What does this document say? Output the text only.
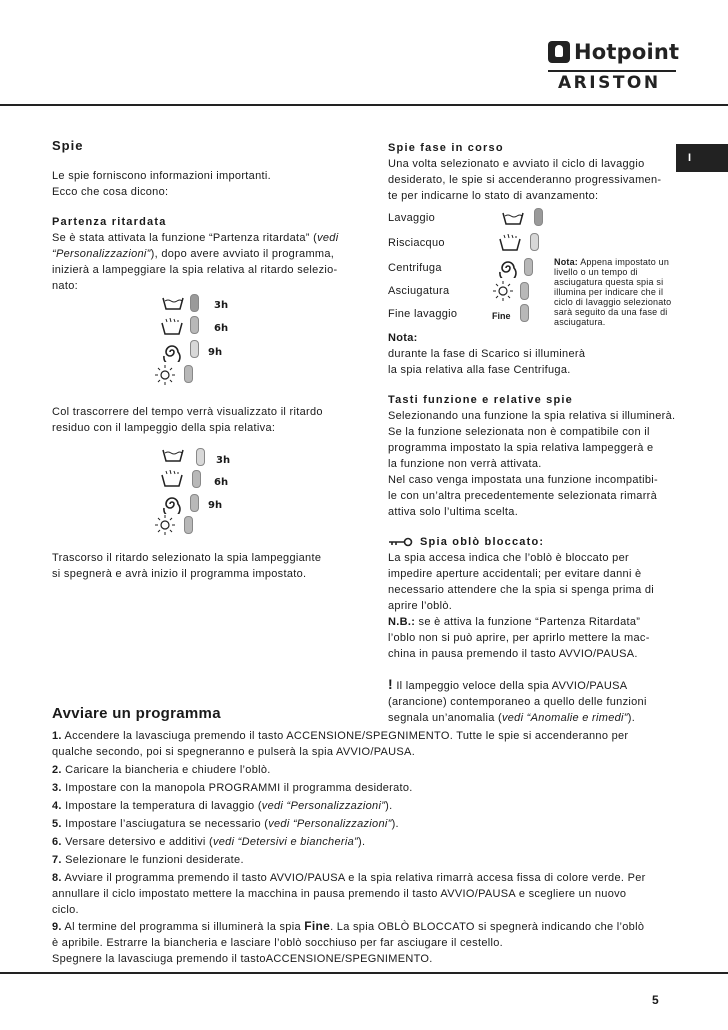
Hotpoint
ARISTON
I
Spie

Le spie forniscono informazioni importanti.

Ecco che cosa dicono:

Partenza ritardata

Se è stata attivata la funzione “Partenza ritardata” (vedi

“Personalizzazioni”), dopo avere avviato il programma,

inizierà a lampeggiare la spia relativa al ritardo selezio-

nato:

3h
6h
9h

Col trascorrere del tempo verrà visualizzato il ritardo

residuo con il lampeggio della spia relativa:

3h
6h
9h

Trascorso il ritardo selezionato la spia lampeggiante

si spegnerà e avrà inizio il programma impostato.

Spie fase in corso

Una volta selezionato e avviato il ciclo di lavaggio

desiderato, le spie si accenderanno progressivamen-

te per indicarne lo stato di avanzamento:

Lavaggio

Risciacquo

Centrifuga

Asciugatura

Fine lavaggio	Fine
Nota: Appena impostato un
livello o un tempo di
asciugatura questa spia si
illumina per indicare che il
ciclo di lavaggio selezionato
sarà seguito da una fase di
asciugatura.

Nota:

durante la fase di Scarico si illuminerà

la spia relativa alla fase Centrifuga.

Tasti funzione e relative spie

Selezionando una funzione la spia relativa si illuminerà.

Se la funzione selezionata non è compatibile con il

programma impostato la spia relativa lampeggerà e

la funzione non verrà attivata.

Nel caso venga impostata una funzione incompatibi-

le con un’altra precedentemente selezionata rimarrà

attiva solo l’ultima scelta.

Spia oblò bloccato:

La spia accesa indica che l’oblò è bloccato per

impedire aperture accidentali; per evitare danni è

necessario attendere che la spia si spenga prima di

aprire l’oblò.

N.B.: se è attiva la funzione “Partenza Ritardata”

l’oblo non si può aprire, per aprirlo mettere la mac-

china in pausa premendo il tasto AVVIO/PAUSA.

! Il lampeggio veloce della spia AVVIO/PAUSA

(arancione) contemporaneo a quello delle funzioni

segnala un’anomalia (vedi “Anomalie e rimedi”).

Avviare un programma
1. Accendere la lavasciuga premendo il tasto ACCENSIONE/SPEGNIMENTO. Tutte le spie si accenderanno per
qualche secondo, poi si spegneranno e pulserà la spia AVVIO/PAUSA.
2. Caricare la biancheria e chiudere l’oblò.
3. Impostare con la manopola PROGRAMMI il programma desiderato.
4. Impostare la temperatura di lavaggio (vedi “Personalizzazioni”).
5. Impostare l’asciugatura se necessario (vedi “Personalizzazioni”).
6. Versare detersivo e additivi (vedi “Detersivi e biancheria”).
7. Selezionare le funzioni desiderate.
8. Avviare il programma premendo il tasto AVVIO/PAUSA e la spia relativa rimarrà accesa fissa di colore verde. Per
annullare il ciclo impostato mettere la macchina in pausa premendo il tasto AVVIO/PAUSA e scegliere un nuovo
ciclo.
9. Al termine del programma si illuminerà la spia Fine. La spia OBLÒ BLOCCATO si spegnerà indicando che l’oblò
è apribile. Estrarre la biancheria e lasciare l’oblò socchiuso per far asciugare il cestello.
Spegnere la lavasciuga premendo il tastoACCENSIONE/SPEGNIMENTO.
5
